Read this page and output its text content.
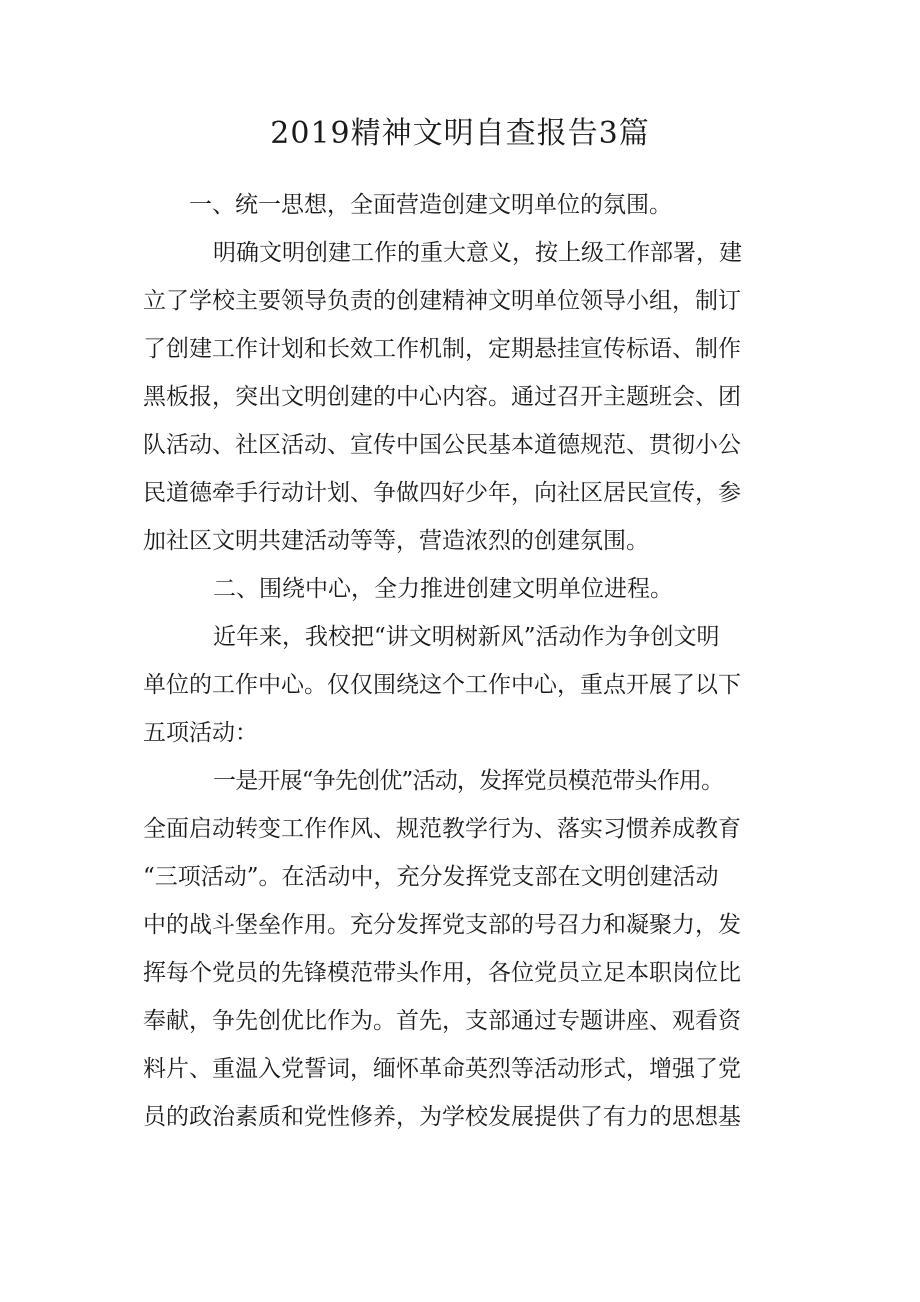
2019精神文明自查报告3篇
一、统一思想，全面营造创建文明单位的氛围。
明确文明创建工作的重大意义，按上级工作部署，建
立了学校主要领导负责的创建精神文明单位领导小组，制订
了创建工作计划和长效工作机制，定期悬挂宣传标语、制作
黑板报，突出文明创建的中心内容。通过召开主题班会、团
队活动、社区活动、宣传中国公民基本道德规范、贯彻小公
民道德牵手行动计划、争做四好少年，向社区居民宣传，参
加社区文明共建活动等等，营造浓烈的创建氛围。
二、围绕中心，全力推进创建文明单位进程。
近年来，我校把“讲文明树新风”活动作为争创文明
单位的工作中心。仅仅围绕这个工作中心，重点开展了以下
五项活动：
一是开展“争先创优”活动，发挥党员模范带头作用。
全面启动转变工作作风、规范教学行为、落实习惯养成教育
“三项活动”。在活动中，充分发挥党支部在文明创建活动
中的战斗堡垒作用。充分发挥党支部的号召力和凝聚力，发
挥每个党员的先锋模范带头作用，各位党员立足本职岗位比
奉献，争先创优比作为。首先，支部通过专题讲座、观看资
料片、重温入党誓词，缅怀革命英烈等活动形式，增强了党
员的政治素质和党性修养，为学校发展提供了有力的思想基
